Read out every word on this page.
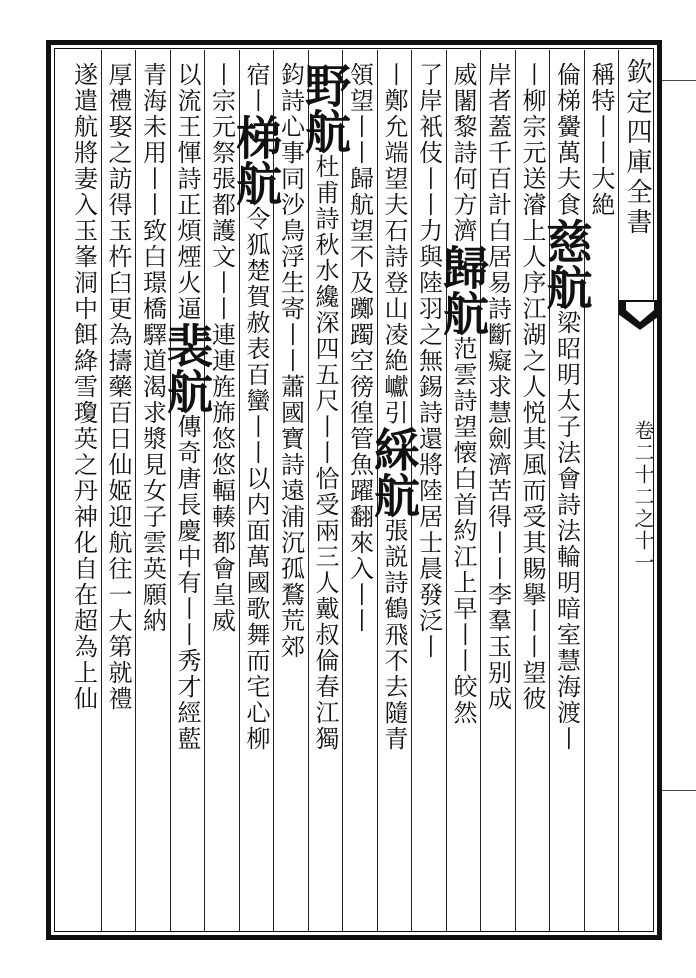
欽定四庫全書
卷二十二之十一
稱特丨丨大絶
倫梯黌萬夫食慈航梁昭明太子法會詩法輪明暗室慧海渡丨
丨柳宗元送濬上人序江湖之人悦其風而受其賜擧丨丨望彼
岸者蓋千百計白居易詩斷癡求慧劍濟苦得丨丨李羣玉别成
威闍黎詩何方濟歸航范雲詩望懐白首約江上早丨丨皎然
了岸衹伎丨丨力與陸羽之無錫詩還將陸居士晨發泛丨
丨鄭允端望夫石詩登山凌絶巘引綵航張説詩鶴飛不去隨青
領望丨丨歸航望不及躑躅空徬徨管魚躍翻來入丨丨
野航杜甫詩秋水纔深四五尺丨丨恰受兩三人戴叔倫春江獨
鈞詩心事同沙鳥浮生寄丨丨蕭國寶詩遠浦沉孤鶩荒郊
宿丨梯航令狐楚賀赦表百蠻丨丨以内面萬國歌舞而宅心柳
丨宗元祭張都護文丨丨連連旌旆悠悠輻輳都會皇威
以流王惲詩正煩煙火逼裴航傳奇唐長慶中有丨丨秀才經藍
青海未用丨丨致白璟橋驛道渴求漿見女子雲英願納
厚禮娶之訪得玉杵臼更為擣藥百日仙姬迎航往一大第就禮
遂遣航將妻入玉峯洞中餌絳雪瓊英之丹神化自在超為上仙
